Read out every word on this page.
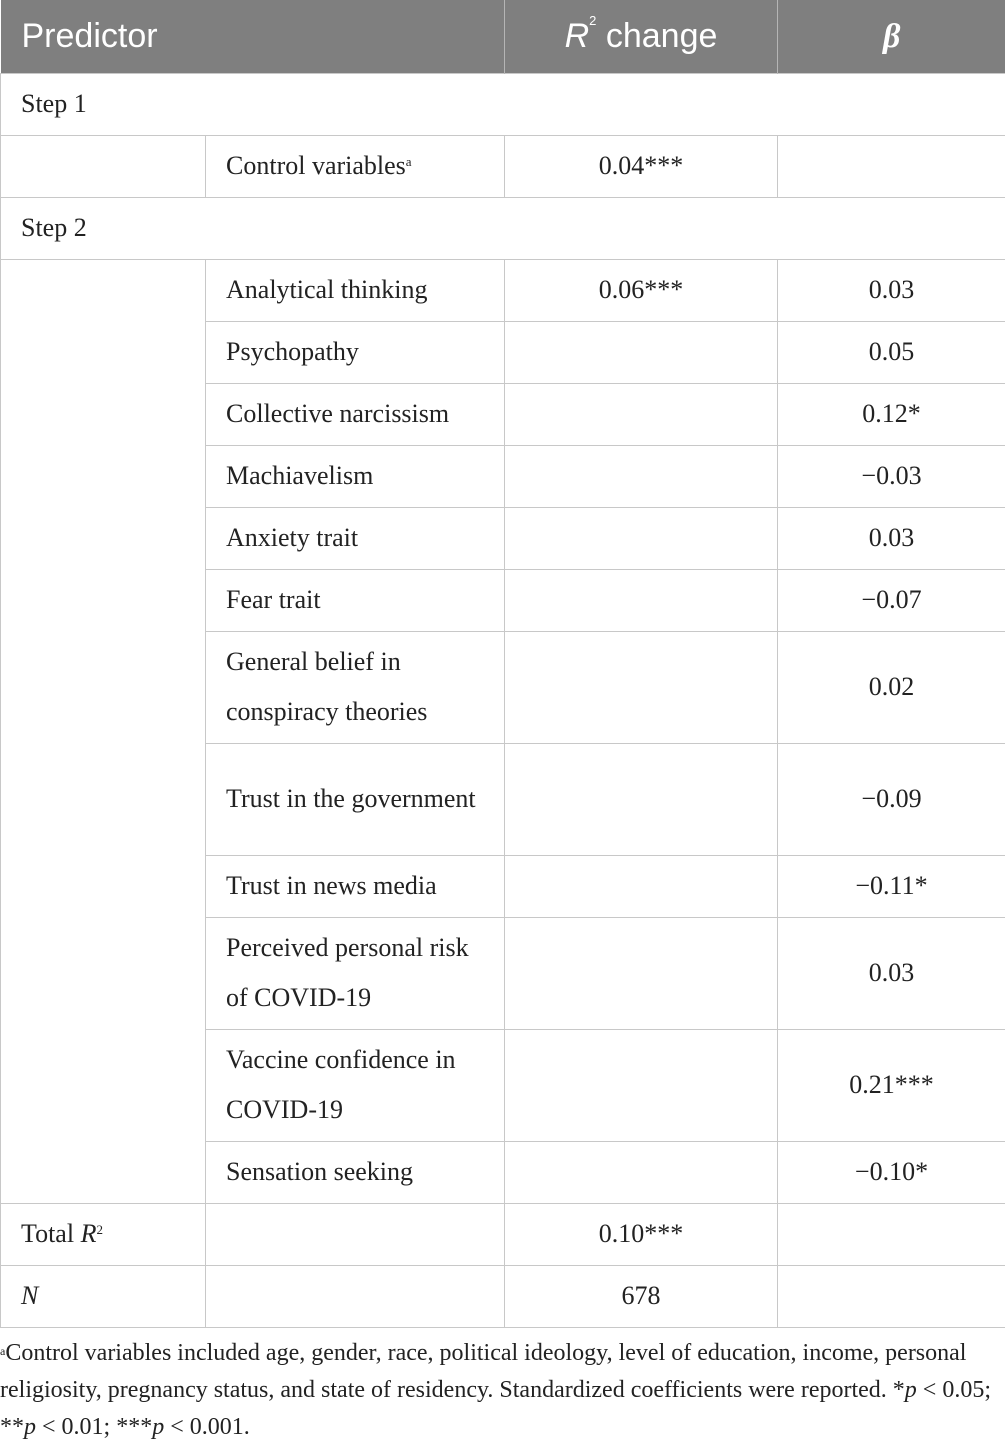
Predictor		$R^2$ change	β
Step 1			
	Control variables$^a$	0.04***	
Step 2			
	Analytical thinking	0.06***	0.03
	Psychopathy		0.05
	Collective narcissism		0.12*
	Machiavelism		−0.03
	Anxiety trait		0.03
	Fear trait		−0.07
	General belief in conspiracy theories		0.02
	Trust in the government		−0.09
	Trust in news media		−0.11*
	Perceived personal risk of COVID-19		0.03
	Vaccine confidence in COVID-19		0.21***
	Sensation seeking		−0.10*
Total $R^2$		0.10***	
N		678	
$^a$Control variables included age, gender, race, political ideology, level of education, income, personal religiosity, pregnancy status, and state of residency. Standardized coefficients were reported. *p < 0.05; **p < 0.01; ***p < 0.001.
